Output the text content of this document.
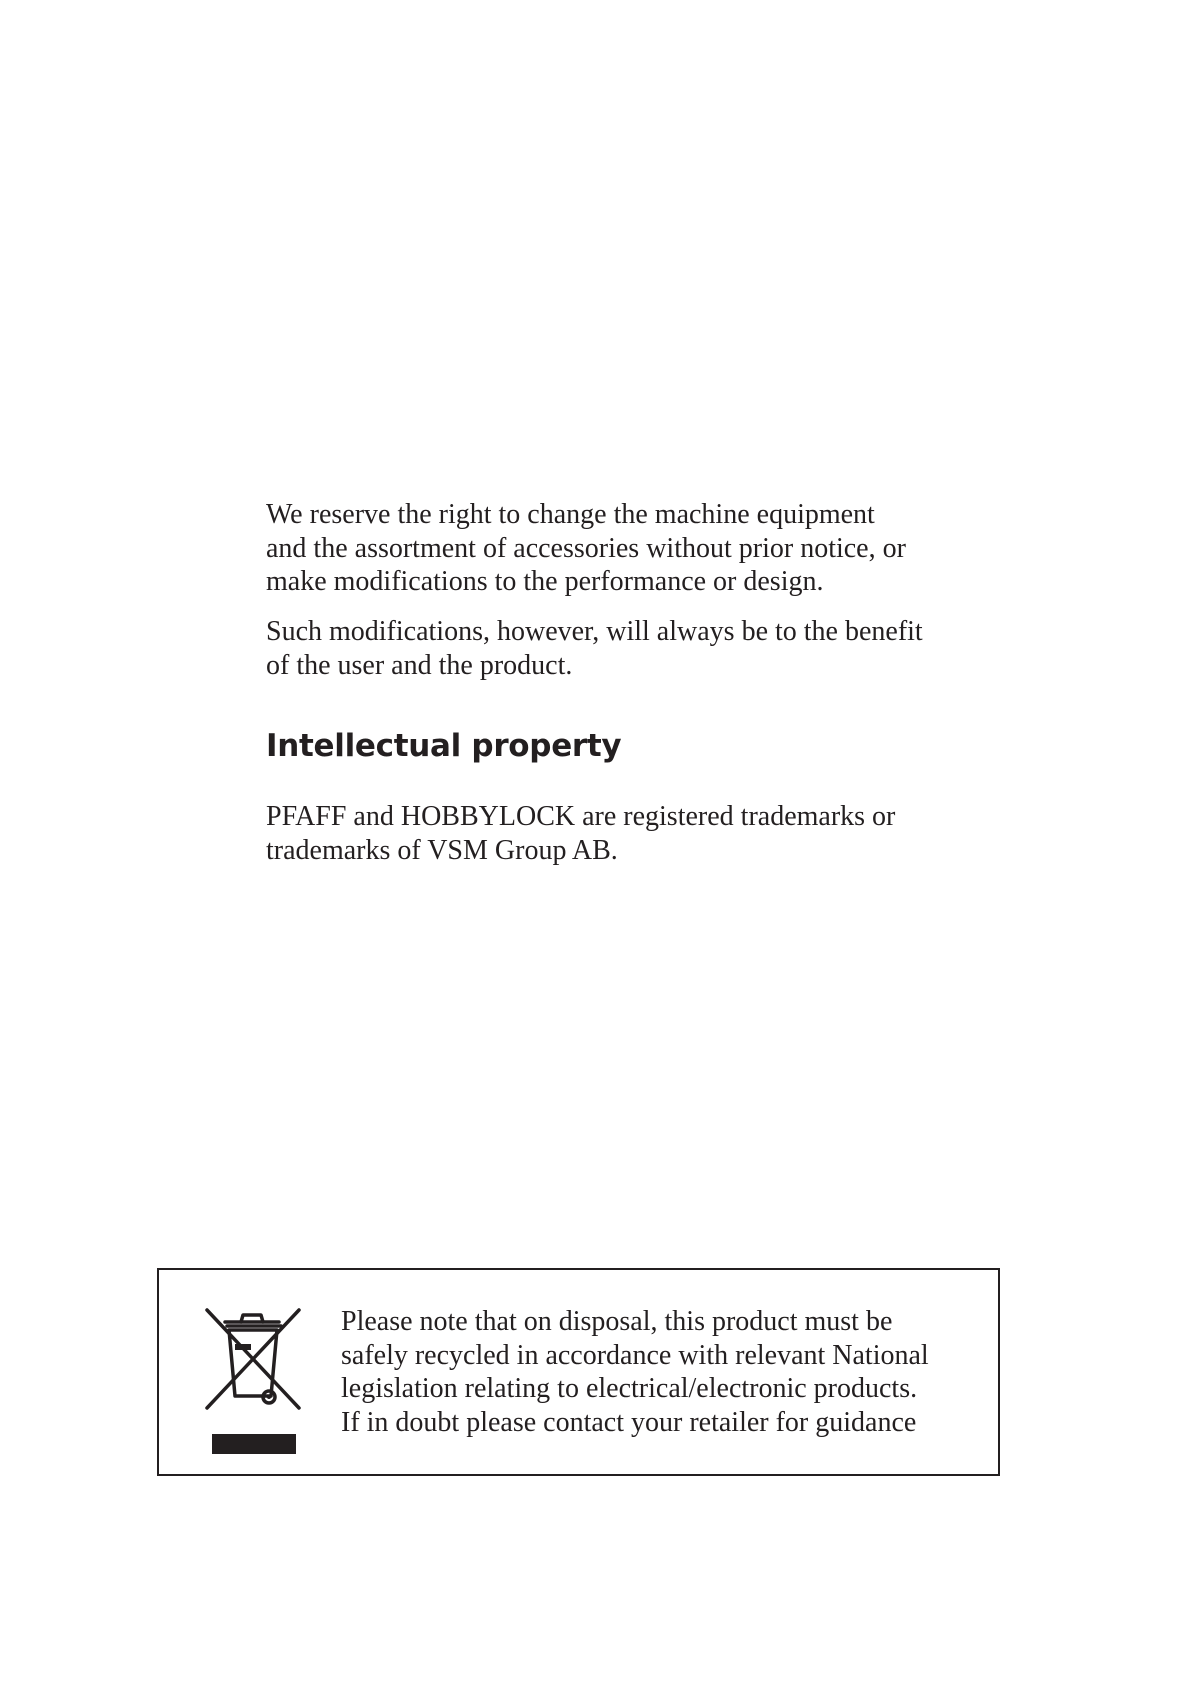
We reserve the right to change the machine equipment
and the assortment of accessories without prior notice, or
make modifications to the performance or design.

Such modifications, however, will always be to the benefit
of the user and the product.

Intellectual property

PFAFF and HOBBYLOCK are registered trademarks or
trademarks of VSM Group AB.

Please note that on disposal, this product must be
safely recycled in accordance with relevant National
legislation relating to electrical/electronic products.
If in doubt please contact your retailer for guidance
